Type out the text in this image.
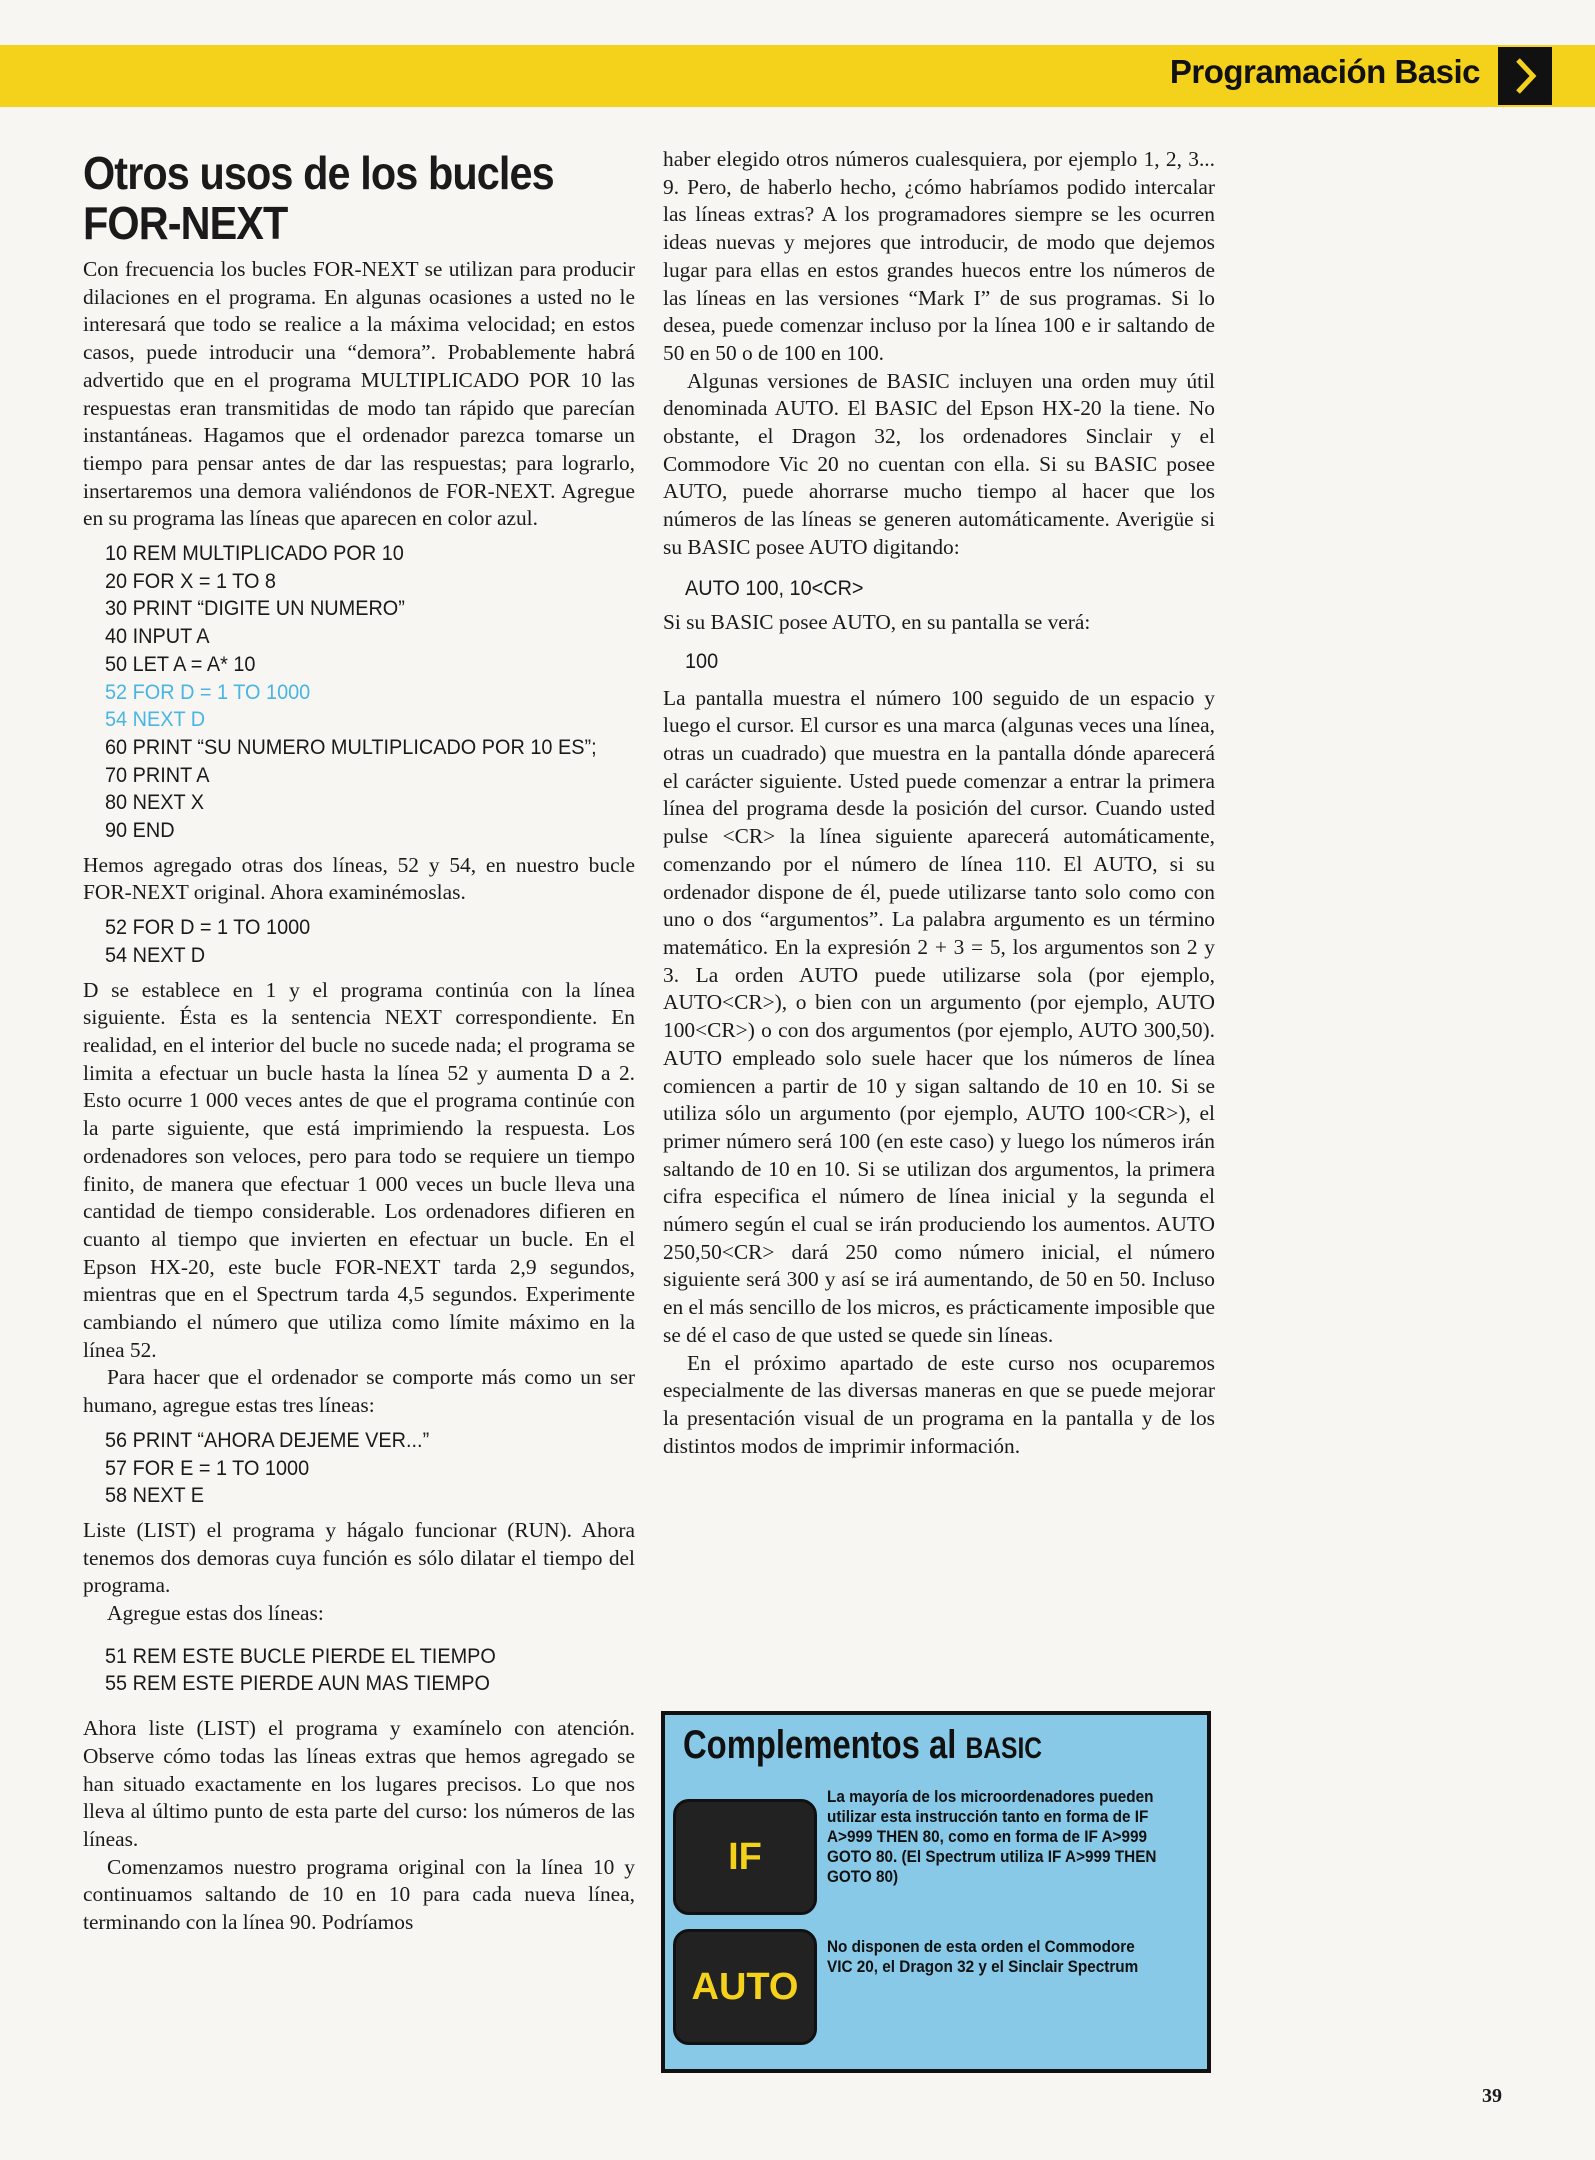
Programación Basic
Otros usos de los bucles
FOR-NEXT

Con frecuencia los bucles FOR-NEXT se utilizan para producir dilaciones en el programa. En algunas ocasiones a usted no le interesará que todo se realice a la máxima velocidad; en estos casos, puede introducir una “demora”. Probablemente habrá advertido que en el programa MULTIPLICADO POR 10 las respuestas eran transmitidas de modo tan rápido que parecían instantáneas. Hagamos que el ordenador parezca tomarse un tiempo para pensar antes de dar las respuestas; para lograrlo, insertaremos una demora valiéndonos de FOR-NEXT. Agregue en su programa las líneas que aparecen en color azul.

10 REM MULTIPLICADO POR 10
20 FOR X = 1 TO 8
30 PRINT “DIGITE UN NUMERO”
40 INPUT A
50 LET A = A* 10
52 FOR D = 1 TO 1000
54 NEXT D
60 PRINT “SU NUMERO MULTIPLICADO POR 10 ES”;
70 PRINT A
80 NEXT X
90 END

Hemos agregado otras dos líneas, 52 y 54, en nuestro bucle FOR-NEXT original. Ahora examinémoslas.

52 FOR D = 1 TO 1000
54 NEXT D

D se establece en 1 y el programa continúa con la línea siguiente. Ésta es la sentencia NEXT correspondiente. En realidad, en el interior del bucle no sucede nada; el programa se limita a efectuar un bucle hasta la línea 52 y aumenta D a 2. Esto ocurre 1 000 veces antes de que el programa continúe con la parte siguiente, que está imprimiendo la respuesta. Los ordenadores son veloces, pero para todo se requiere un tiempo finito, de manera que efectuar 1 000 veces un bucle lleva una cantidad de tiempo considerable. Los ordenadores difieren en cuanto al tiempo que invierten en efectuar un bucle. En el Epson HX-20, este bucle FOR-NEXT tarda 2,9 segundos, mientras que en el Spectrum tarda 4,5 segundos. Experimente cambiando el número que utiliza como límite máximo en la línea 52.

Para hacer que el ordenador se comporte más como un ser humano, agregue estas tres líneas:

56 PRINT “AHORA DEJEME VER...”
57 FOR E = 1 TO 1000
58 NEXT E

Liste (LIST) el programa y hágalo funcionar (RUN). Ahora tenemos dos demoras cuya función es sólo dilatar el tiempo del programa.

Agregue estas dos líneas:

51 REM ESTE BUCLE PIERDE EL TIEMPO
55 REM ESTE PIERDE AUN MAS TIEMPO

Ahora liste (LIST) el programa y examínelo con atención. Observe cómo todas las líneas extras que hemos agregado se han situado exactamente en los lugares precisos. Lo que nos lleva al último punto de esta parte del curso: los números de las líneas.

Comenzamos nuestro programa original con la línea 10 y continuamos saltando de 10 en 10 para cada nueva línea, terminando con la línea 90. Podríamos

haber elegido otros números cualesquiera, por ejemplo 1, 2, 3... 9. Pero, de haberlo hecho, ¿cómo habríamos podido intercalar las líneas extras? A los programadores siempre se les ocurren ideas nuevas y mejores que introducir, de modo que dejemos lugar para ellas en estos grandes huecos entre los números de las líneas en las versiones “Mark I” de sus programas. Si lo desea, puede comenzar incluso por la línea 100 e ir saltando de 50 en 50 o de 100 en 100.

Algunas versiones de BASIC incluyen una orden muy útil denominada AUTO. El BASIC del Epson HX-20 la tiene. No obstante, el Dragon 32, los ordenadores Sinclair y el Commodore Vic 20 no cuentan con ella. Si su BASIC posee AUTO, puede ahorrarse mucho tiempo al hacer que los números de las líneas se generen automáticamente. Averigüe si su BASIC posee AUTO digitando:

AUTO 100, 10<CR>

Si su BASIC posee AUTO, en su pantalla se verá:

100

La pantalla muestra el número 100 seguido de un espacio y luego el cursor. El cursor es una marca (algunas veces una línea, otras un cuadrado) que muestra en la pantalla dónde aparecerá el carácter siguiente. Usted puede comenzar a entrar la primera línea del programa desde la posición del cursor. Cuando usted pulse <CR> la línea siguiente aparecerá automáticamente, comenzando por el número de línea 110. El AUTO, si su ordenador dispone de él, puede utilizarse tanto solo como con uno o dos “argumentos”. La palabra argumento es un término matemático. En la expresión 2 + 3 = 5, los argumentos son 2 y 3. La orden AUTO puede utilizarse sola (por ejemplo, AUTO<CR>), o bien con un argumento (por ejemplo, AUTO 100<CR>) o con dos argumentos (por ejemplo, AUTO 300,50). AUTO empleado solo suele hacer que los números de línea comiencen a partir de 10 y sigan saltando de 10 en 10. Si se utiliza sólo un argumento (por ejemplo, AUTO 100<CR>), el primer número será 100 (en este caso) y luego los números irán saltando de 10 en 10. Si se utilizan dos argumentos, la primera cifra especifica el número de línea inicial y la segunda el número según el cual se irán produciendo los aumentos. AUTO 250,50<CR> dará 250 como número inicial, el número siguiente será 300 y así se irá aumentando, de 50 en 50. Incluso en el más sencillo de los micros, es prácticamente imposible que se dé el caso de que usted se quede sin líneas.

En el próximo apartado de este curso nos ocuparemos especialmente de las diversas maneras en que se puede mejorar la presentación visual de un programa en la pantalla y de los distintos modos de imprimir información.

Complementos al BASIC
IF
La mayoría de los microordenadores pueden utilizar esta instrucción tanto en forma de IF A>999 THEN 80, como en forma de IF A>999 GOTO 80. (El Spectrum utiliza IF A>999 THEN GOTO 80)
AUTO
No disponen de esta orden el Commodore VIC 20, el Dragon 32 y el Sinclair Spectrum
39
